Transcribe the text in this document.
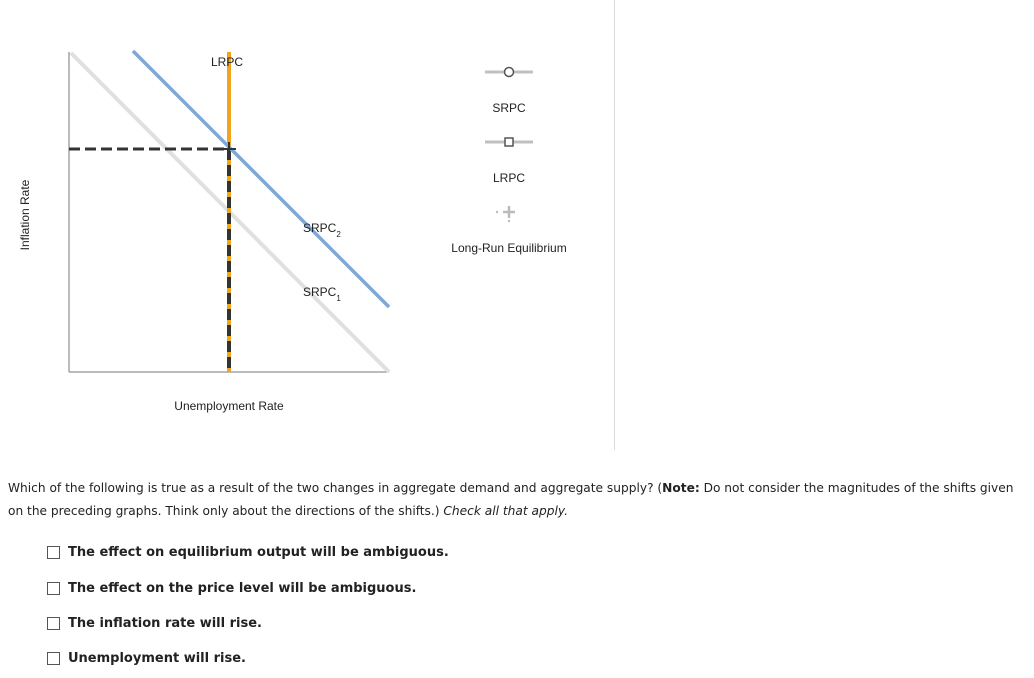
LRPC
$SRPC_2$
$SRPC_1$
Inflation Rate
Unemployment Rate
SRPC
LRPC
Long-Run Equilibrium
Which of the following is true as a result of the two changes in aggregate demand and aggregate supply? (Note: Do not consider the magnitudes of the shifts given on the preceding graphs. Think only about the directions of the shifts.) Check all that apply.
The effect on equilibrium output will be ambiguous.
The effect on the price level will be ambiguous.
The inflation rate will rise.
Unemployment will rise.
